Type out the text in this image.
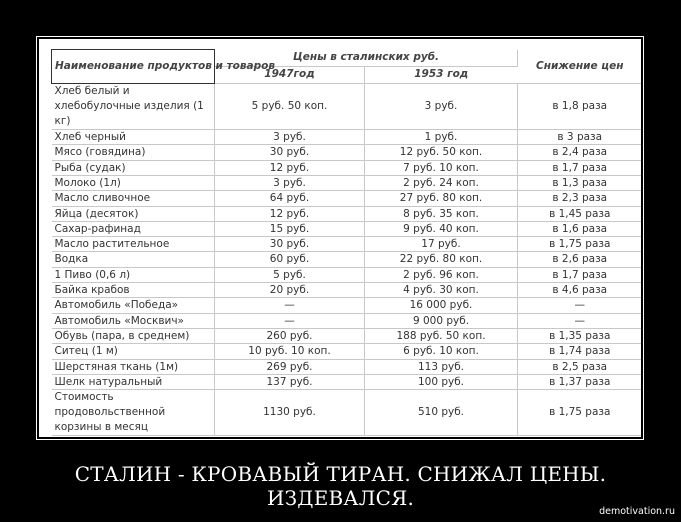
Наименование продуктов и товаров	Цены в сталинских руб.		Снижение цен
	1947год	1953 год	
Хлеб белый и хлебобулочные изделия (1 кг)	5 руб. 50 коп.	3 руб.	в 1,8 раза
Хлеб черный	3 руб.	1 руб.	в 3 раза
Мясо (говядина)	30 руб.	12 руб. 50 коп.	в 2,4 раза
Рыба (судак)	12 руб.	7 руб. 10 коп.	в 1,7 раза
Молоко (1л)	3 руб.	2 руб. 24 коп.	в 1,3 раза
Масло сливочное	64 руб.	27 руб. 80 коп.	в 2,3 раза
Яйца (десяток)	12 руб.	8 руб. 35 коп.	в 1,45 раза
Сахар-рафинад	15 руб.	9 руб. 40 коп.	в 1,6 раза
Масло растительное	30 руб.	17 руб.	в 1,75 раза
Водка	60 руб.	22 руб. 80 коп.	в 2,6 раза
1 Пиво (0,6 л)	5 руб.	2 руб. 96 коп.	в 1,7 раза
Байка крабов	20 руб.	4 руб. 30 коп.	в 4,6 раза
Автомобиль «Победа»	—	16 000 руб.	—
Автомобиль «Москвич»	—	9 000 руб.	—
Обувь (пара, в среднем)	260 руб.	188 руб. 50 коп.	в 1,35 раза
Ситец (1 м)	10 руб. 10 коп.	6 руб. 10 коп.	в 1,74 раза
Шерстяная ткань (1м)	269 руб.	113 руб.	в 2,5 раза
Шелк натуральный	137 руб.	100 руб.	в 1,37 раза
Стоимость продовольственной корзины в месяц	1130 руб.	510 руб.	в 1,75 раза
СТАЛИН - КРОВАВЫЙ ТИРАН. СНИЖАЛ ЦЕНЫ. ИЗДЕВАЛСЯ.
demotivation.ru
